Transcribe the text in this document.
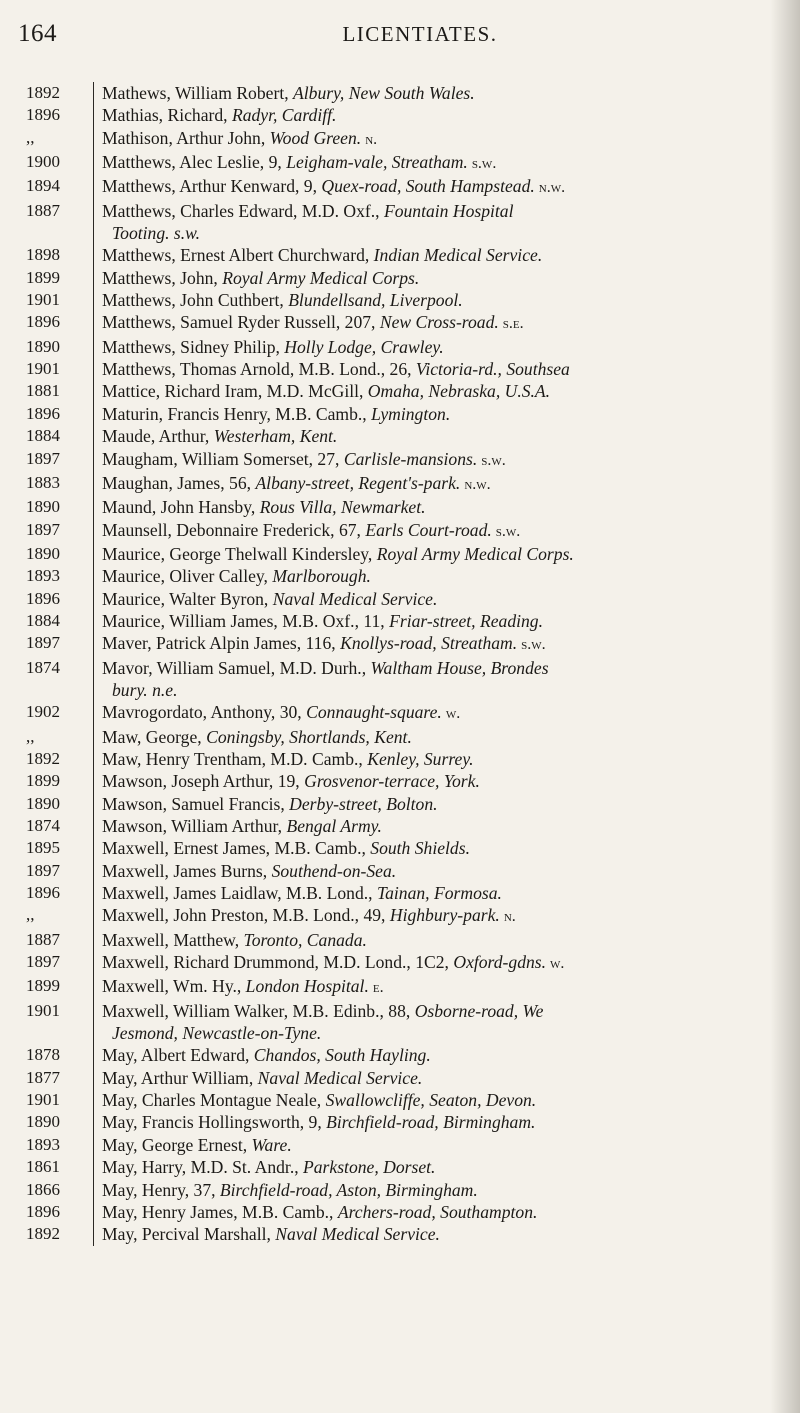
164	LICENTIATES.
1892	Mathews, William Robert, Albury, New South Wales.
1896	Mathias, Richard, Radyr, Cardiff.
,,	Mathison, Arthur John, Wood Green. n.
1900	Matthews, Alec Leslie, 9, Leigham-vale, Streatham. s.w.
1894	Matthews, Arthur Kenward, 9, Quex-road, South Hampstead. n.w.
1887	Matthews, Charles Edward, M.D. Oxf., Fountain Hospital
Tooting. s.w.
1898	Matthews, Ernest Albert Churchward, Indian Medical Service.
1899	Matthews, John, Royal Army Medical Corps.
1901	Matthews, John Cuthbert, Blundellsand, Liverpool.
1896	Matthews, Samuel Ryder Russell, 207, New Cross-road. s.e.
1890	Matthews, Sidney Philip, Holly Lodge, Crawley.
1901	Matthews, Thomas Arnold, M.B. Lond., 26, Victoria-rd., Southsea
1881	Mattice, Richard Iram, M.D. McGill, Omaha, Nebraska, U.S.A.
1896	Maturin, Francis Henry, M.B. Camb., Lymington.
1884	Maude, Arthur, Westerham, Kent.
1897	Maugham, William Somerset, 27, Carlisle-mansions. s.w.
1883	Maughan, James, 56, Albany-street, Regent's-park. n.w.
1890	Maund, John Hansby, Rous Villa, Newmarket.
1897	Maunsell, Debonnaire Frederick, 67, Earls Court-road. s.w.
1890	Maurice, George Thelwall Kindersley, Royal Army Medical Corps.
1893	Maurice, Oliver Calley, Marlborough.
1896	Maurice, Walter Byron, Naval Medical Service.
1884	Maurice, William James, M.B. Oxf., 11, Friar-street, Reading.
1897	Maver, Patrick Alpin James, 116, Knollys-road, Streatham. s.w.
1874	Mavor, William Samuel, M.D. Durh., Waltham House, Brondes
bury. n.e.
1902	Mavrogordato, Anthony, 30, Connaught-square. w.
,,	Maw, George, Coningsby, Shortlands, Kent.
1892	Maw, Henry Trentham, M.D. Camb., Kenley, Surrey.
1899	Mawson, Joseph Arthur, 19, Grosvenor-terrace, York.
1890	Mawson, Samuel Francis, Derby-street, Bolton.
1874	Mawson, William Arthur, Bengal Army.
1895	Maxwell, Ernest James, M.B. Camb., South Shields.
1897	Maxwell, James Burns, Southend-on-Sea.
1896	Maxwell, James Laidlaw, M.B. Lond., Tainan, Formosa.
,,	Maxwell, John Preston, M.B. Lond., 49, Highbury-park. n.
1887	Maxwell, Matthew, Toronto, Canada.
1897	Maxwell, Richard Drummond, M.D. Lond., 1C2, Oxford-gdns. w.
1899	Maxwell, Wm. Hy., London Hospital. e.
1901	Maxwell, William Walker, M.B. Edinb., 88, Osborne-road, We
Jesmond, Newcastle-on-Tyne.
1878	May, Albert Edward, Chandos, South Hayling.
1877	May, Arthur William, Naval Medical Service.
1901	May, Charles Montague Neale, Swallowcliffe, Seaton, Devon.
1890	May, Francis Hollingsworth, 9, Birchfield-road, Birmingham.
1893	May, George Ernest, Ware.
1861	May, Harry, M.D. St. Andr., Parkstone, Dorset.
1866	May, Henry, 37, Birchfield-road, Aston, Birmingham.
1896	May, Henry James, M.B. Camb., Archers-road, Southampton.
1892	May, Percival Marshall, Naval Medical Service.
